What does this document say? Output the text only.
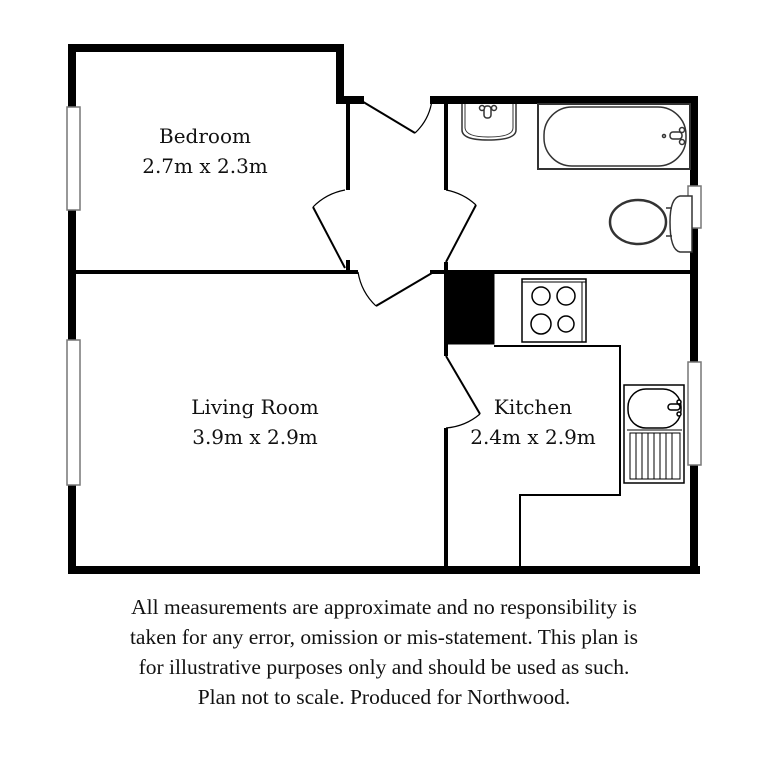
Bedroom
2.7m x 2.3m
Living Room
3.9m x 2.9m
Kitchen
2.4m x 2.9m
All measurements are approximate and no responsibility is
taken for any error, omission or mis-statement. This plan is
for illustrative purposes only and should be used as such.
Plan not to scale. Produced for Northwood.
